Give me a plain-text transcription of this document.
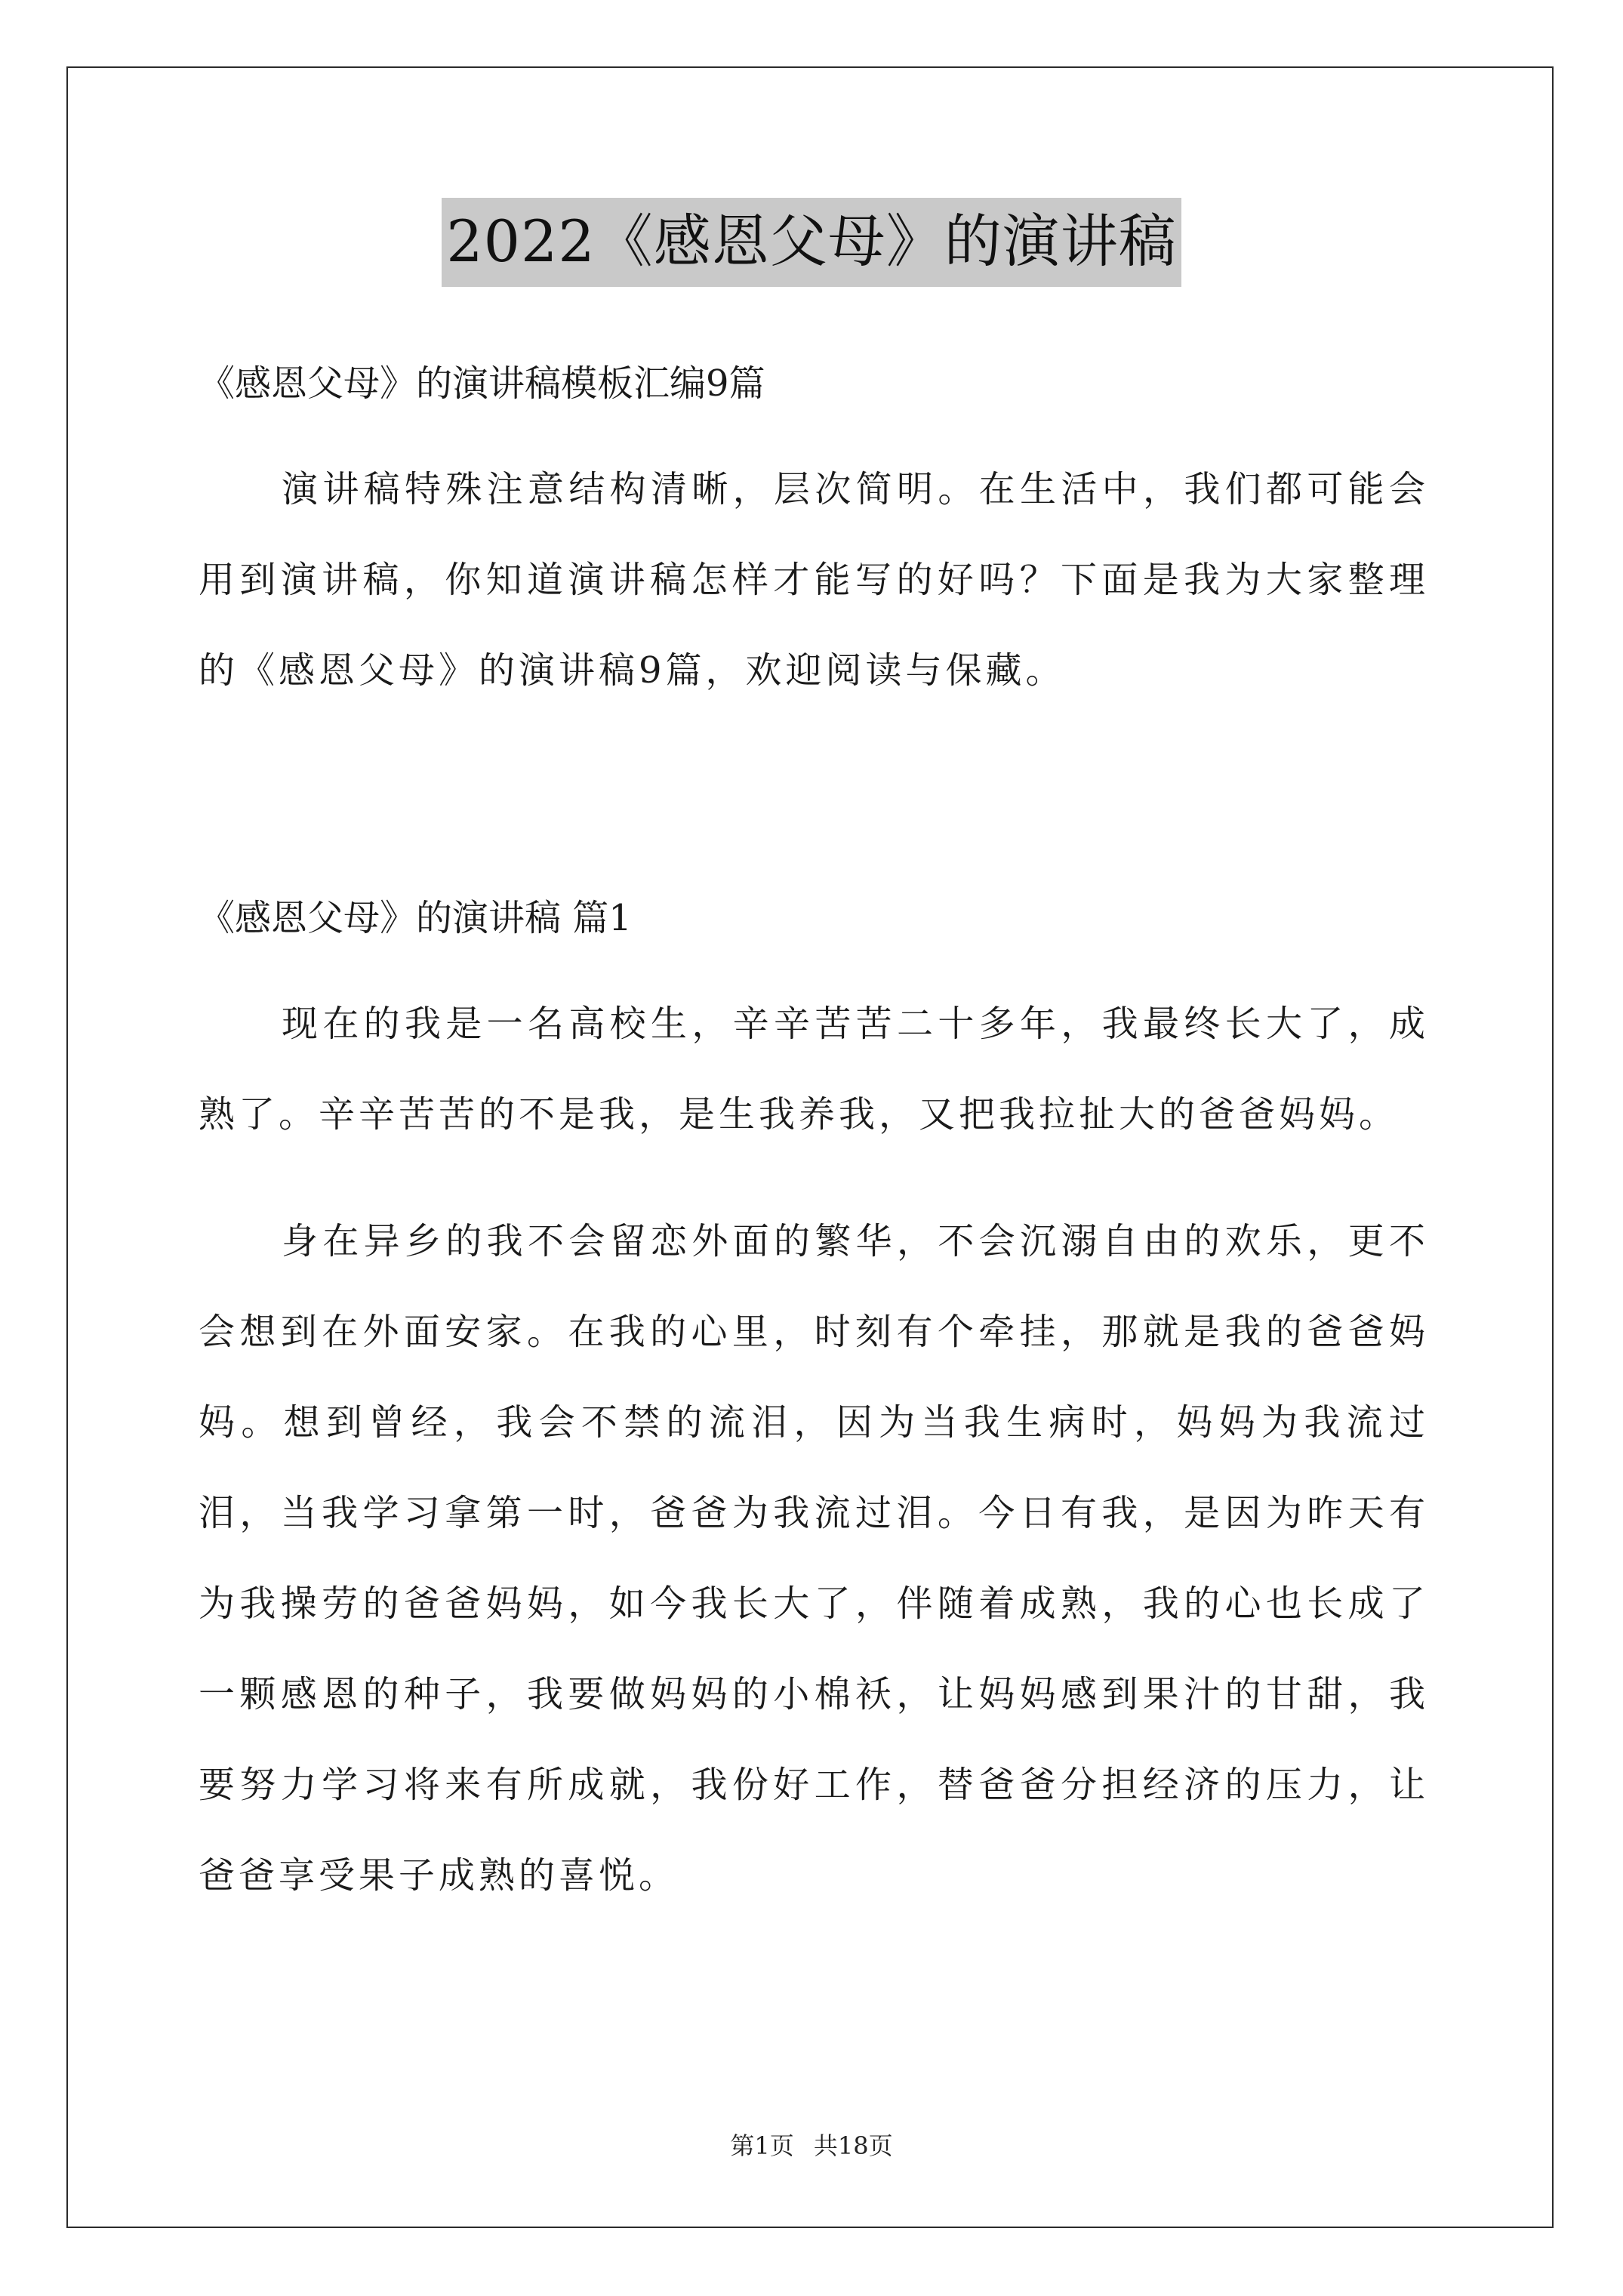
2022《感恩父母》的演讲稿
《感恩父母》的演讲稿模板汇编9篇
演讲稿特殊注意结构清晰，层次简明。在生活中，我们都可能会用到演讲稿，你知道演讲稿怎样才能写的好吗？下面是我为大家整理的《感恩父母》的演讲稿9篇，欢迎阅读与保藏。
《感恩父母》的演讲稿 篇1
现在的我是一名高校生，辛辛苦苦二十多年，我最终长大了，成熟了。辛辛苦苦的不是我，是生我养我，又把我拉扯大的爸爸妈妈。
身在异乡的我不会留恋外面的繁华，不会沉溺自由的欢乐，更不会想到在外面安家。在我的心里，时刻有个牵挂，那就是我的爸爸妈妈。想到曾经，我会不禁的流泪，因为当我生病时，妈妈为我流过泪，当我学习拿第一时，爸爸为我流过泪。今日有我，是因为昨天有为我操劳的爸爸妈妈，如今我长大了，伴随着成熟，我的心也长成了一颗感恩的种子，我要做妈妈的小棉袄，让妈妈感到果汁的甘甜，我要努力学习将来有所成就，我份好工作，替爸爸分担经济的压力，让爸爸享受果子成熟的喜悦。
第1页 共18页
